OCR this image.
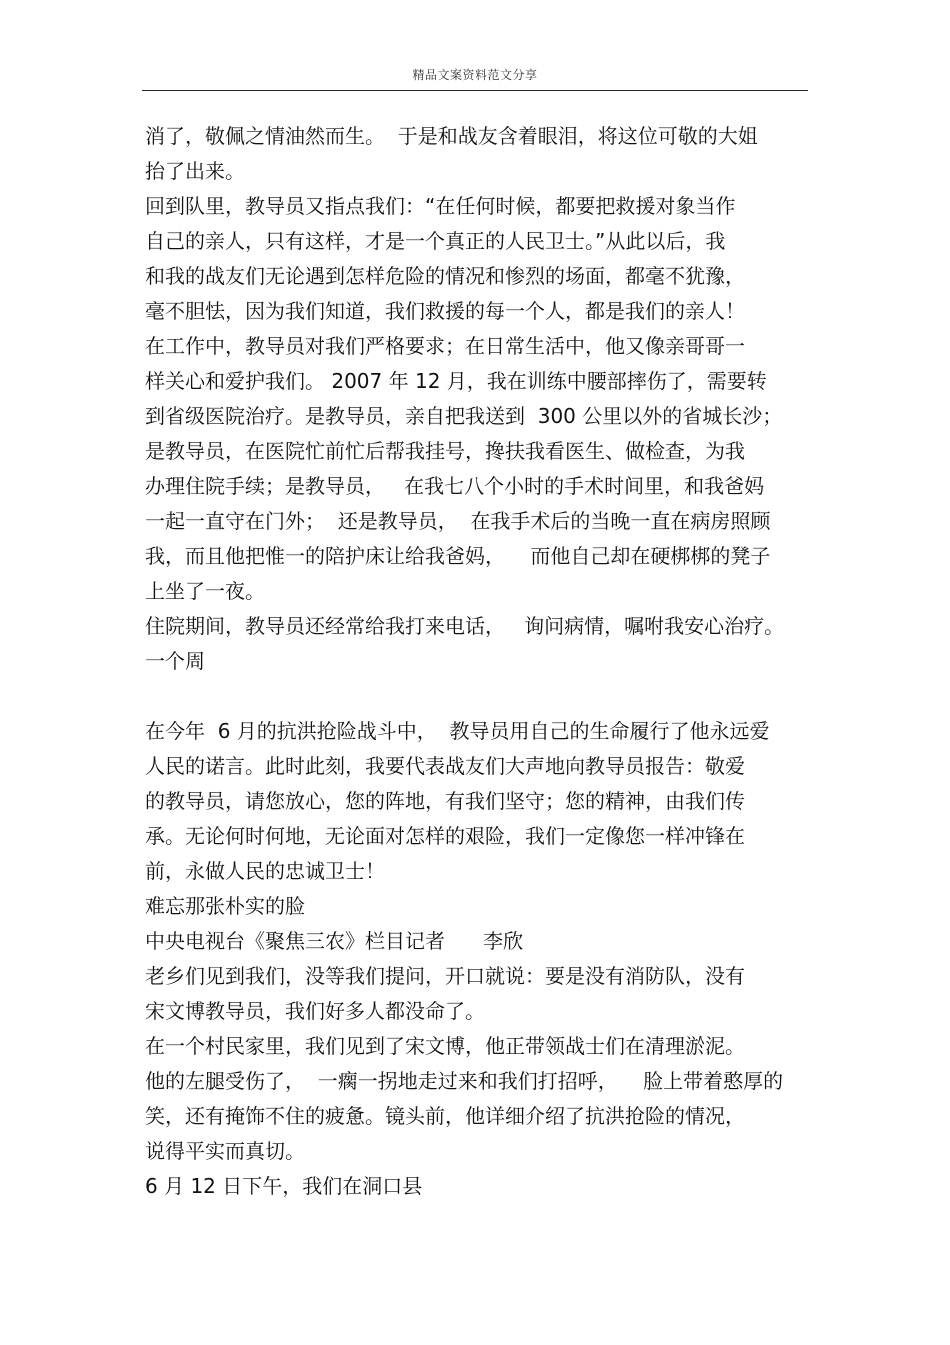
精品文案资料范文分享
消了，敬佩之情油然而生。  于是和战友含着眼泪，将这位可敬的大姐
抬了出来。
回到队里，教导员又指点我们：“在任何时候，都要把救援对象当作
自己的亲人，只有这样，才是一个真正的人民卫士。”从此以后，我
和我的战友们无论遇到怎样危险的情况和惨烈的场面，都毫不犹豫，
毫不胆怯，因为我们知道，我们救援的每一个人，都是我们的亲人！
在工作中，教导员对我们严格要求；在日常生活中，他又像亲哥哥一
样关心和爱护我们。 2007 年 12 月，我在训练中腰部摔伤了，需要转
到省级医院治疗。是教导员，亲自把我送到  300 公里以外的省城长沙；
是教导员，在医院忙前忙后帮我挂号，搀扶我看医生、做检查，为我
办理住院手续；是教导员，   在我七八个小时的手术时间里，和我爸妈
一起一直守在门外；  还是教导员，  在我手术后的当晚一直在病房照顾
我，而且他把惟一的陪护床让给我爸妈，    而他自己却在硬梆梆的凳子
上坐了一夜。
住院期间，教导员还经常给我打来电话，   询问病情，嘱咐我安心治疗。
一个周
在今年  6 月的抗洪抢险战斗中，  教导员用自己的生命履行了他永远爱
人民的诺言。此时此刻，我要代表战友们大声地向教导员报告：敬爱
的教导员，请您放心，您的阵地，有我们坚守；您的精神，由我们传
承。无论何时何地，无论面对怎样的艰险，我们一定像您一样冲锋在
前，永做人民的忠诚卫士！
难忘那张朴实的脸
中央电视台《聚焦三农》栏目记者      李欣
老乡们见到我们，没等我们提问，开口就说：要是没有消防队，没有
宋文博教导员，我们好多人都没命了。
在一个村民家里，我们见到了宋文博，他正带领战士们在清理淤泥。
他的左腿受伤了，  一瘸一拐地走过来和我们打招呼，    脸上带着憨厚的
笑，还有掩饰不住的疲惫。镜头前，他详细介绍了抗洪抢险的情况，
说得平实而真切。
6 月 12 日下午，我们在洞口县
